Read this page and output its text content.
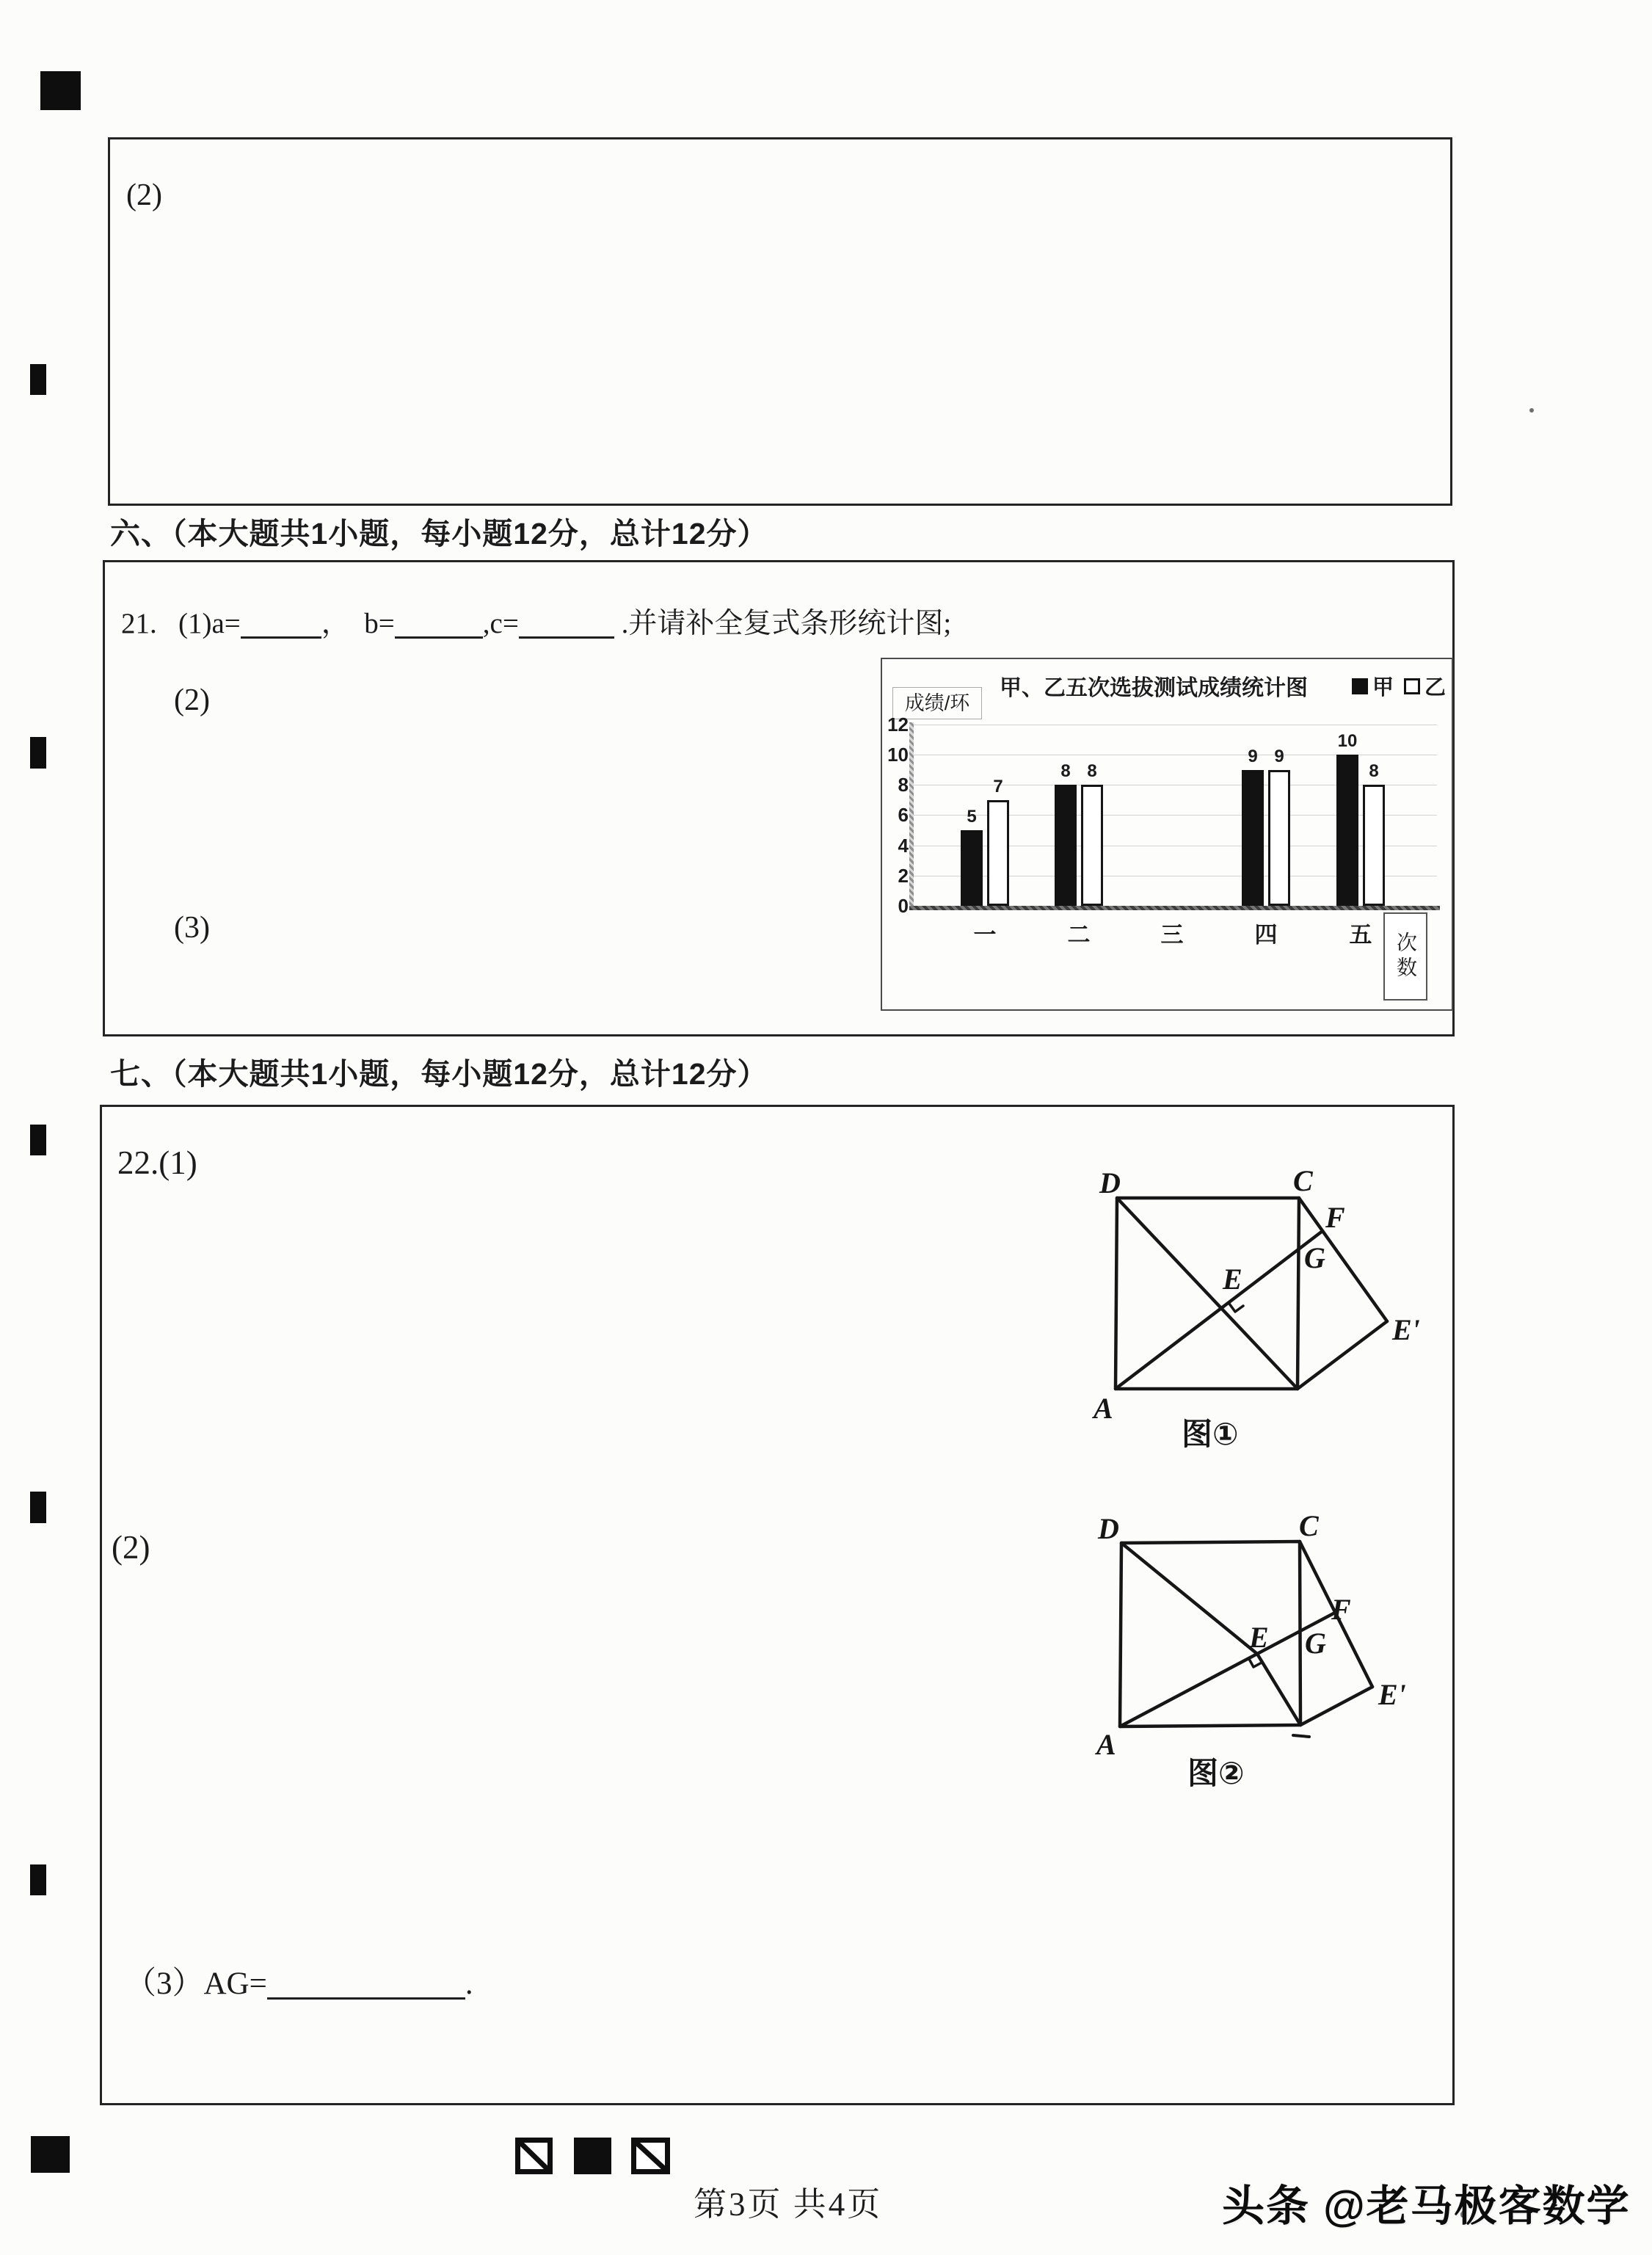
(2)
六、（本大题共1小题，每小题12分，总计12分）
21. (1)a=	， b=	,c=	.并请补全复式条形统计图;
(2)
(3)
甲、乙五次选拔测试成绩统计图	甲 乙
成绩/环
0
2
4
6
8
10
12
一
5
7
二
8 8
三	四
9 9
五
10
8
次数
七、（本大题共1小题，每小题12分，总计12分）
22.(1)
(2)
D	C
A
F
G
E
E'
图①
D	C
A
F
G
E
E'
图②
（3）AG=	.
第3页 共4页	头条 @老马极客数学
